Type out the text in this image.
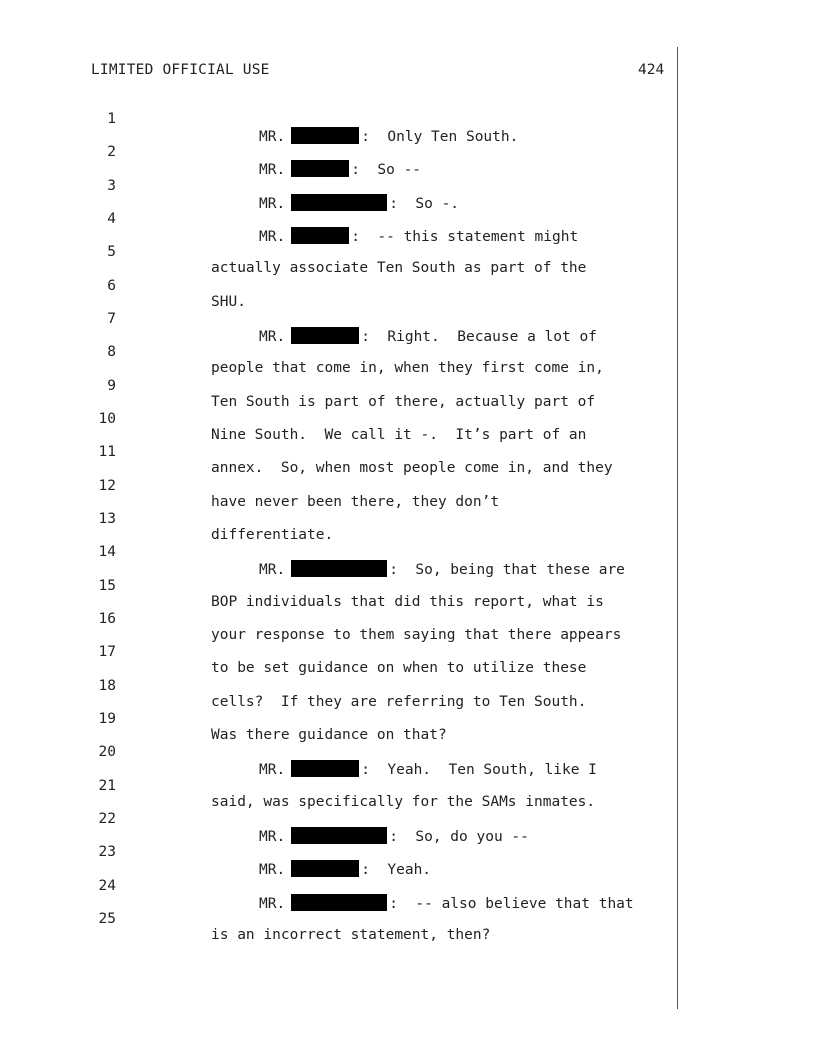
LIMITED OFFICIAL USE	424

1

MR.	:  Only Ten South.

2

MR.	:  So --

3

MR.	:  So -.

4

MR.	:  -- this statement might

5

actually associate Ten South as part of the

6

SHU.

7

MR.	:  Right.  Because a lot of

8

people that come in, when they first come in,

9

Ten South is part of there, actually part of

10

Nine South.  We call it -.  It’s part of an

11

annex.  So, when most people come in, and they

12

have never been there, they don’t

13

differentiate.

14

MR.	:  So, being that these are

15

BOP individuals that did this report, what is

16

your response to them saying that there appears

17

to be set guidance on when to utilize these

18

cells?  If they are referring to Ten South.

19

Was there guidance on that?

20

MR.	:  Yeah.  Ten South, like I

21

said, was specifically for the SAMs inmates.

22

MR.	:  So, do you --

23

MR.	:  Yeah.

24

MR.	:  -- also believe that that

25

is an incorrect statement, then?
